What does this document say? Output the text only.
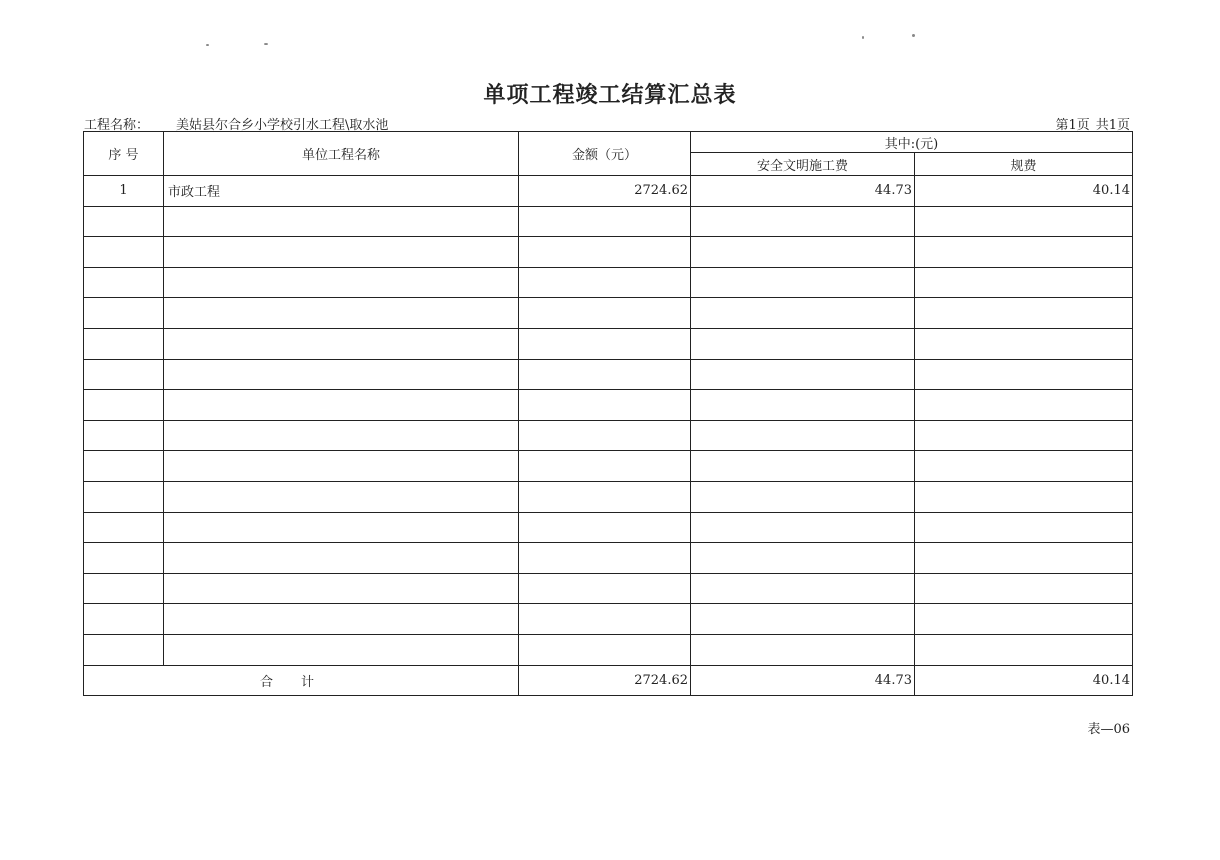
单项工程竣工结算汇总表
工程名称： 美姑县尔合乡小学校引水工程\取水池	第1页 共1页
序 号	单位工程名称	金额（元）	其中:(元)	
			安全文明施工费	规费
1	市政工程	2724.62	44.73	40.14

合计		2724.62	44.73	40.14
表—06
